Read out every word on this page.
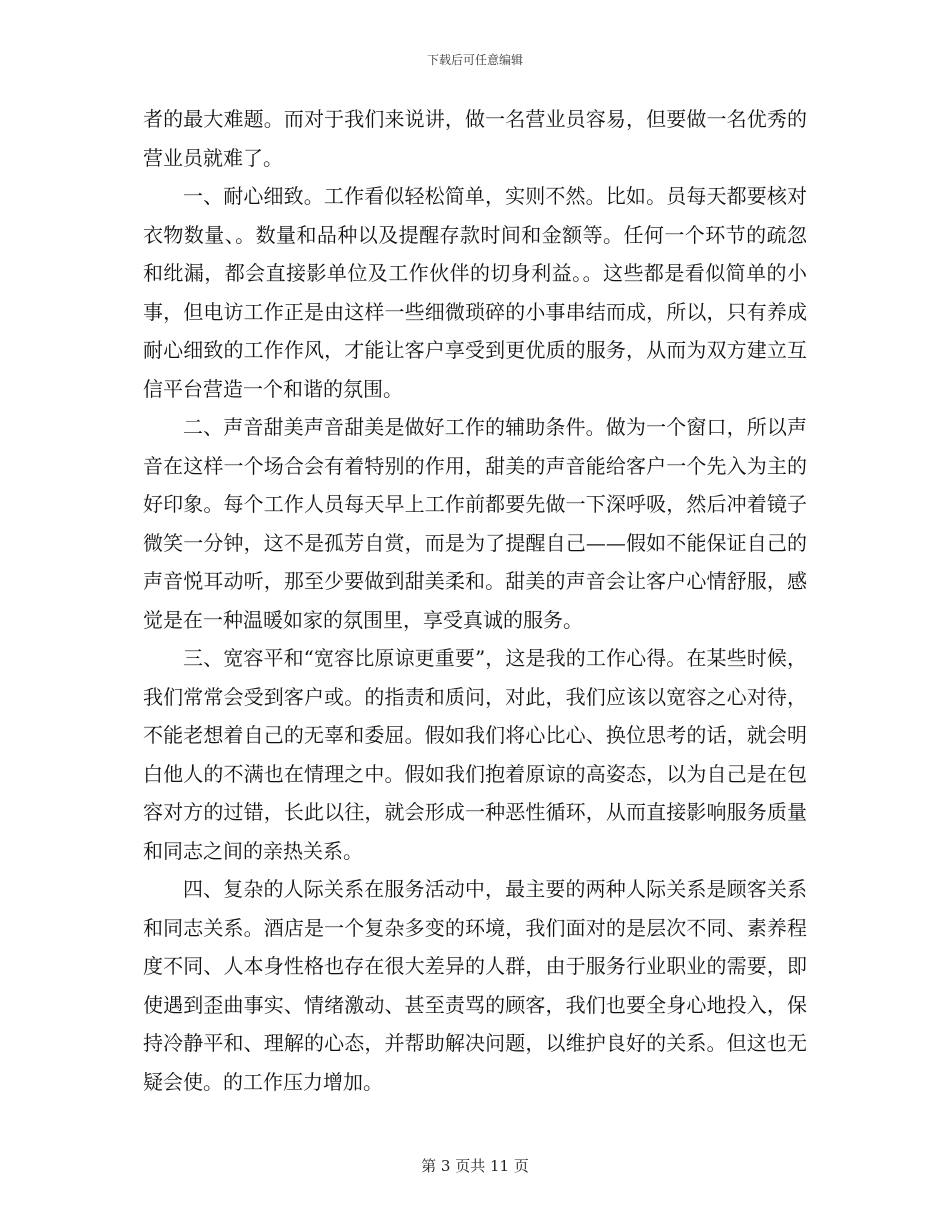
下载后可任意编辑

者的最大难题。而对于我们来说讲，做一名营业员容易，但要做一名优秀的营业员就难了。

一、耐心细致。工作看似轻松简单，实则不然。比如。员每天都要核对衣物数量、。数量和品种以及提醒存款时间和金额等。任何一个环节的疏忽和纰漏，都会直接影单位及工作伙伴的切身利益。。这些都是看似简单的小事，但电访工作正是由这样一些细微琐碎的小事串结而成，所以，只有养成耐心细致的工作作风，才能让客户享受到更优质的服务，从而为双方建立互信平台营造一个和谐的氛围。

二、声音甜美声音甜美是做好工作的辅助条件。做为一个窗口，所以声音在这样一个场合会有着特别的作用，甜美的声音能给客户一个先入为主的好印象。每个工作人员每天早上工作前都要先做一下深呼吸，然后冲着镜子微笑一分钟，这不是孤芳自赏，而是为了提醒自己——假如不能保证自己的声音悦耳动听，那至少要做到甜美柔和。甜美的声音会让客户心情舒服，感觉是在一种温暖如家的氛围里，享受真诚的服务。

三、宽容平和“宽容比原谅更重要”，这是我的工作心得。在某些时候，我们常常会受到客户或。的指责和质问，对此，我们应该以宽容之心对待，不能老想着自己的无辜和委屈。假如我们将心比心、换位思考的话，就会明白他人的不满也在情理之中。假如我们抱着原谅的高姿态，以为自己是在包容对方的过错，长此以往，就会形成一种恶性循环，从而直接影响服务质量和同志之间的亲热关系。

四、复杂的人际关系在服务活动中，最主要的两种人际关系是顾客关系和同志关系。酒店是一个复杂多变的环境，我们面对的是层次不同、素养程度不同、人本身性格也存在很大差异的人群，由于服务行业职业的需要，即使遇到歪曲事实、情绪激动、甚至责骂的顾客，我们也要全身心地投入，保持冷静平和、理解的心态，并帮助解决问题，以维护良好的关系。但这也无疑会使。的工作压力增加。

第 3 页共 11 页
